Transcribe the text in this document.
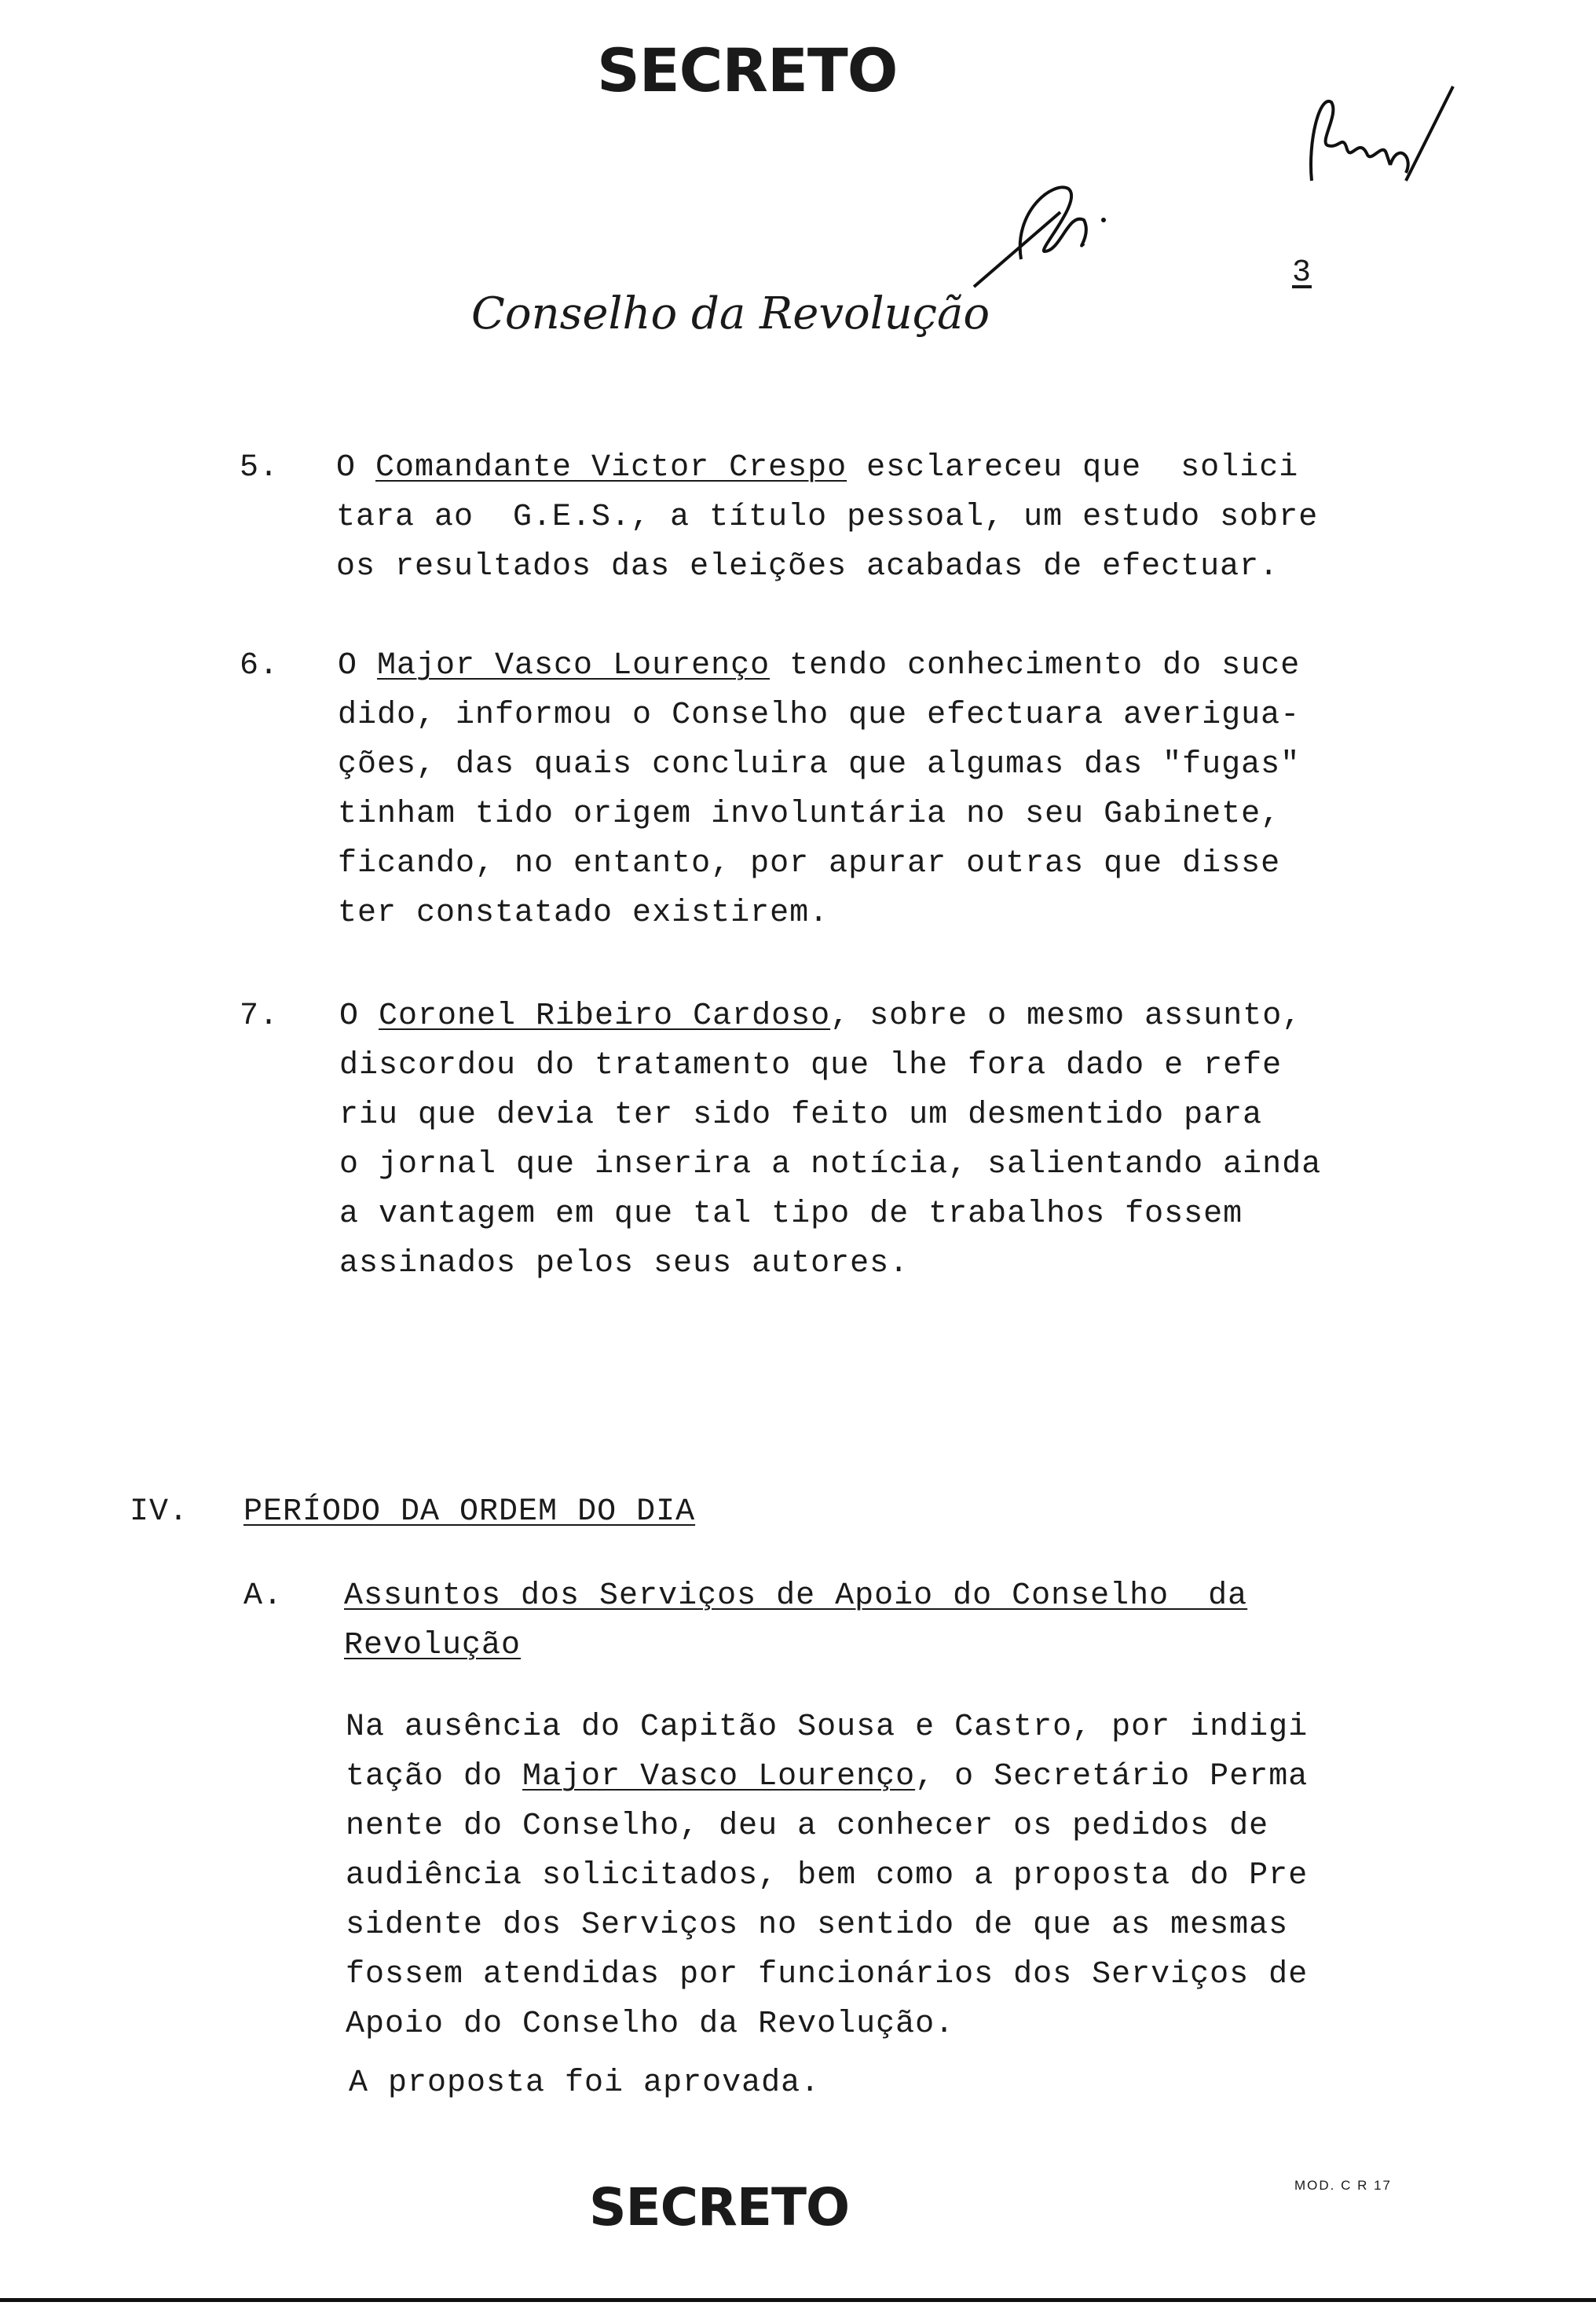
SECRETO
Conselho da Revolução
3
5.

O Comandante Victor Crespo esclareceu que  solici

tara ao  G.E.S., a título pessoal, um estudo sobre

os resultados das eleições acabadas de efectuar.

6.

O Major Vasco Lourenço tendo conhecimento do suce

dido, informou o Conselho que efectuara averigua-

ções, das quais concluira que algumas das "fugas"

tinham tido origem involuntária no seu Gabinete,

ficando, no entanto, por apurar outras que disse

ter constatado existirem.

7.

O Coronel Ribeiro Cardoso, sobre o mesmo assunto,

discordou do tratamento que lhe fora dado e refe

riu que devia ter sido feito um desmentido para

o jornal que inserira a notícia, salientando ainda

a vantagem em que tal tipo de trabalhos fossem

assinados pelos seus autores.

IV. PERÍODO DA ORDEM DO DIA
A.

Assuntos dos Serviços de Apoio do Conselho  da

Revolução

Na ausência do Capitão Sousa e Castro, por indigi

tação do Major Vasco Lourenço, o Secretário Perma

nente do Conselho, deu a conhecer os pedidos de

audiência solicitados, bem como a proposta do Pre

sidente dos Serviços no sentido de que as mesmas

fossem atendidas por funcionários dos Serviços de

Apoio do Conselho da Revolução.

A proposta foi aprovada.
SECRETO	MOD. C R 17
